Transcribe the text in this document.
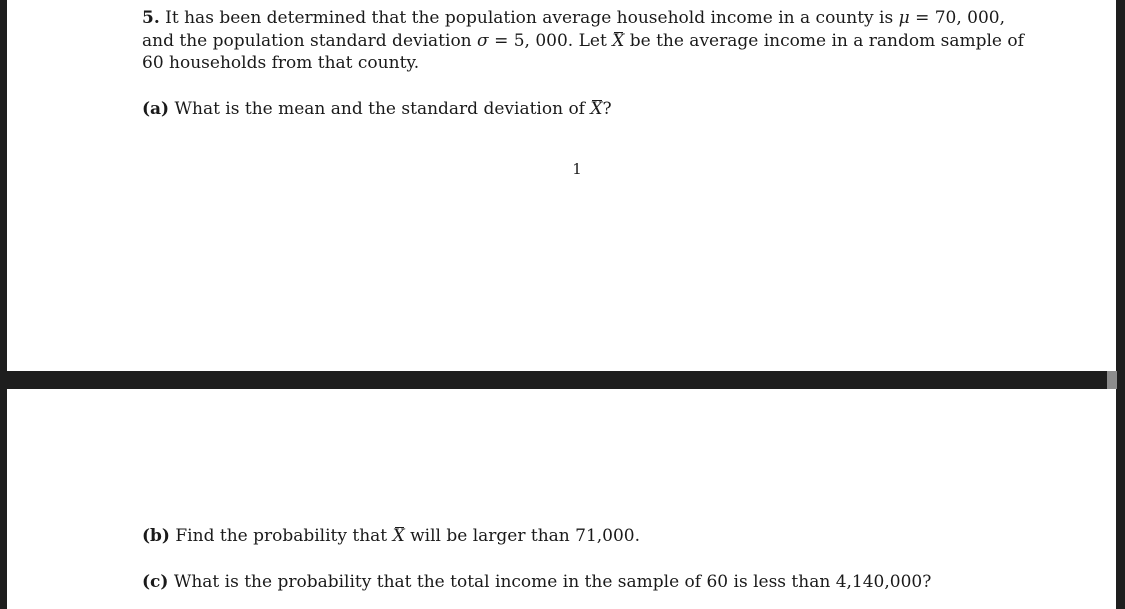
5. It has been determined that the population average household income in a county is μ = 70, 000, and the population standard deviation σ = 5, 000. Let X be the average income in a random sample of 60 households from that county.

(a) What is the mean and the standard deviation of X?

1

(b) Find the probability that X will be larger than 71,000.

(c) What is the probability that the total income in the sample of 60 is less than 4,140,000?
